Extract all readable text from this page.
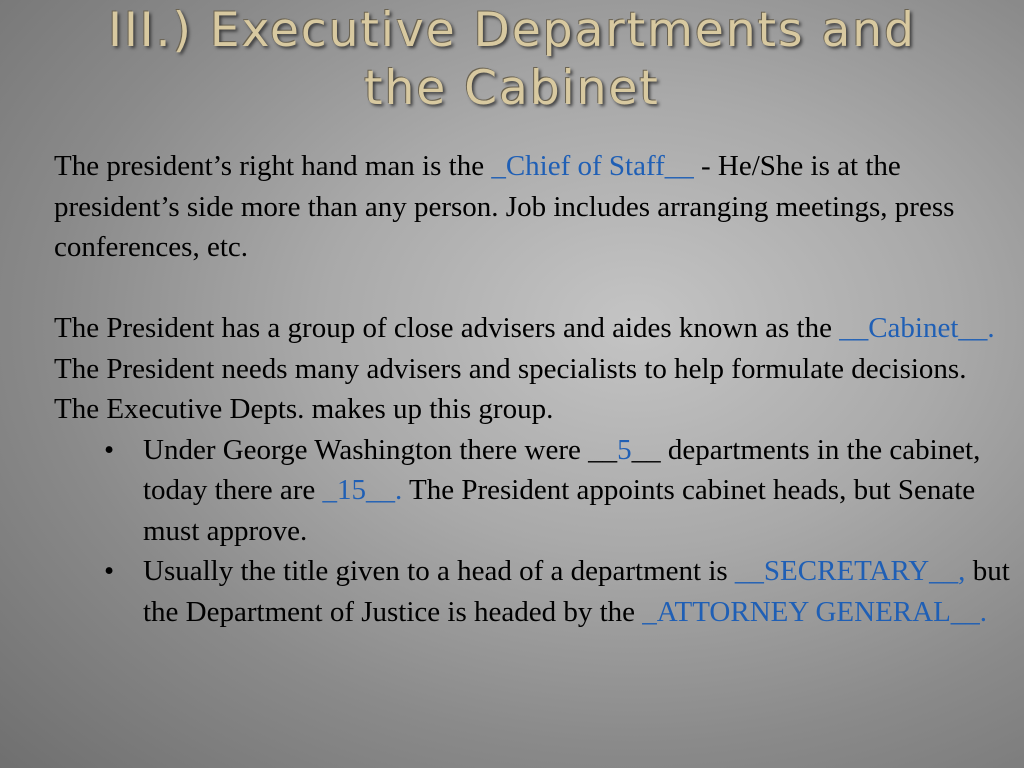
III.) Executive Departments and
the Cabinet

The president’s right hand man is the _Chief of Staff__ - He/She is at the president’s side more than any person. Job includes arranging meetings, press conferences, etc.

The President has a group of close advisers and aides known as the __Cabinet__. The President needs many advisers and specialists to help formulate decisions. The Executive Depts. makes up this group.

• Under George Washington there were __5__ departments in the cabinet, today there are _15__. The President appoints cabinet heads, but Senate must approve.
• Usually the title given to a head of a department is __SECRETARY__, but the Department of Justice is headed by the _ATTORNEY GENERAL__.
